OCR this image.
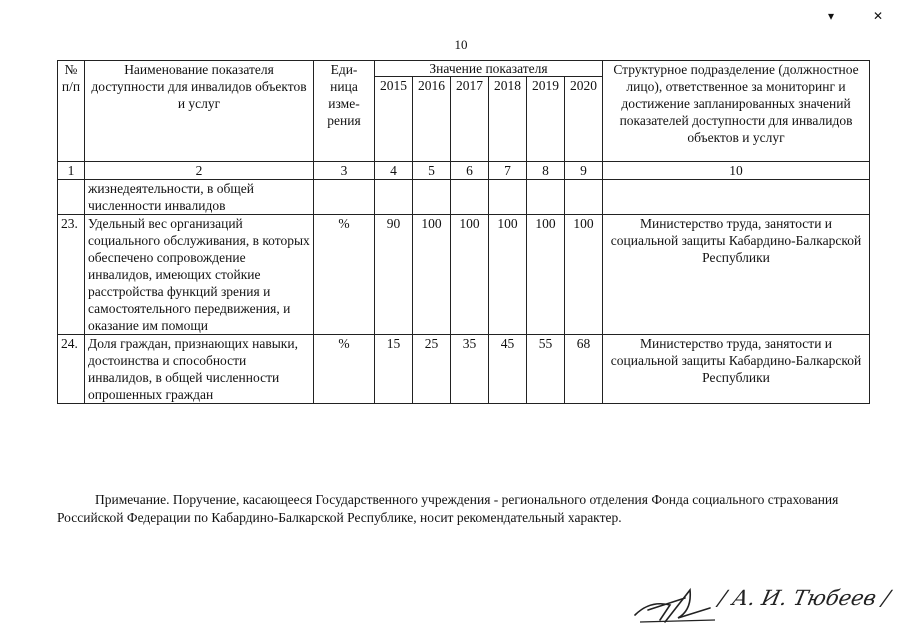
▾ ✕
10
№ п/п	Наименование показателя доступности для инвалидов объектов и услуг	Еди-ница изме-рения	Значение показателя						Структурное подразделение (должностное лицо), ответственное за мониторинг и достижение запланированных значений показателей доступности для инвалидов объектов и услуг
			2015	2016	2017	2018	2019	2020	
1	2	3	4	5	6	7	8	9	10
	жизнедеятельности, в общей численности инвалидов								
23.	Удельный вес организаций социального обслуживания, в которых обеспечено сопровождение инвалидов, имеющих стойкие расстройства функций зрения и самостоятельного передвижения, и оказание им помощи	%	90	100	100	100	100	100	Министерство труда, занятости и социальной защиты Кабардино-Балкарской Республики
24.	Доля граждан, признающих навыки, достоинства и способности инвалидов, в общей численности опрошенных граждан	%	15	25	35	45	55	68	Министерство труда, занятости и социальной защиты Кабардино-Балкарской Республики
Примечание. Поручение, касающееся Государственного учреждения - регионального отделения Фонда социального страхования Российской Федерации по Кабардино-Балкарской Республике, носит рекомендательный характер.
/ А. И. Тюбеев /
